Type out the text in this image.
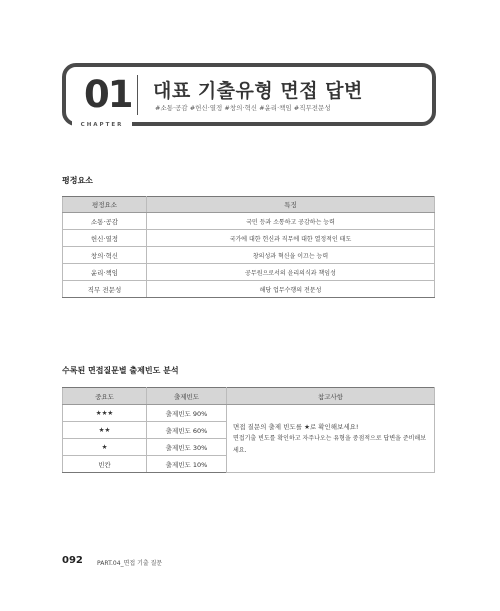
01 대표 기출유형 면접 답변
#소통·공감 #헌신·열정 #창의·혁신 #윤리·책임 #직무전문성
CHAPTER
평정요소
평정요소	특징
소통·공감	국민 등과 소통하고 공감하는 능력
헌신·열정	국가에 대한 헌신과 직무에 대한 열정적인 태도
창의·혁신	창의성과 혁신을 이끄는 능력
윤리·책임	공무원으로서의 윤리의식과 책임성
직무 전문성	해당 업무수행의 전문성
수록된 면접질문별 출제빈도 분석
중요도	출제빈도	참고사항
★★★	출제빈도 90%	면접 질문의 출제 빈도를 ★로 확인해보세요!
면접기출 빈도를 확인하고 자주나오는 유형을 중점적으로 답변을 준비해보세요.

★★	출제빈도 60%	
★	출제빈도 30%	
빈칸	출제빈도 10%	
092 PART.04_면접 기출 질문
